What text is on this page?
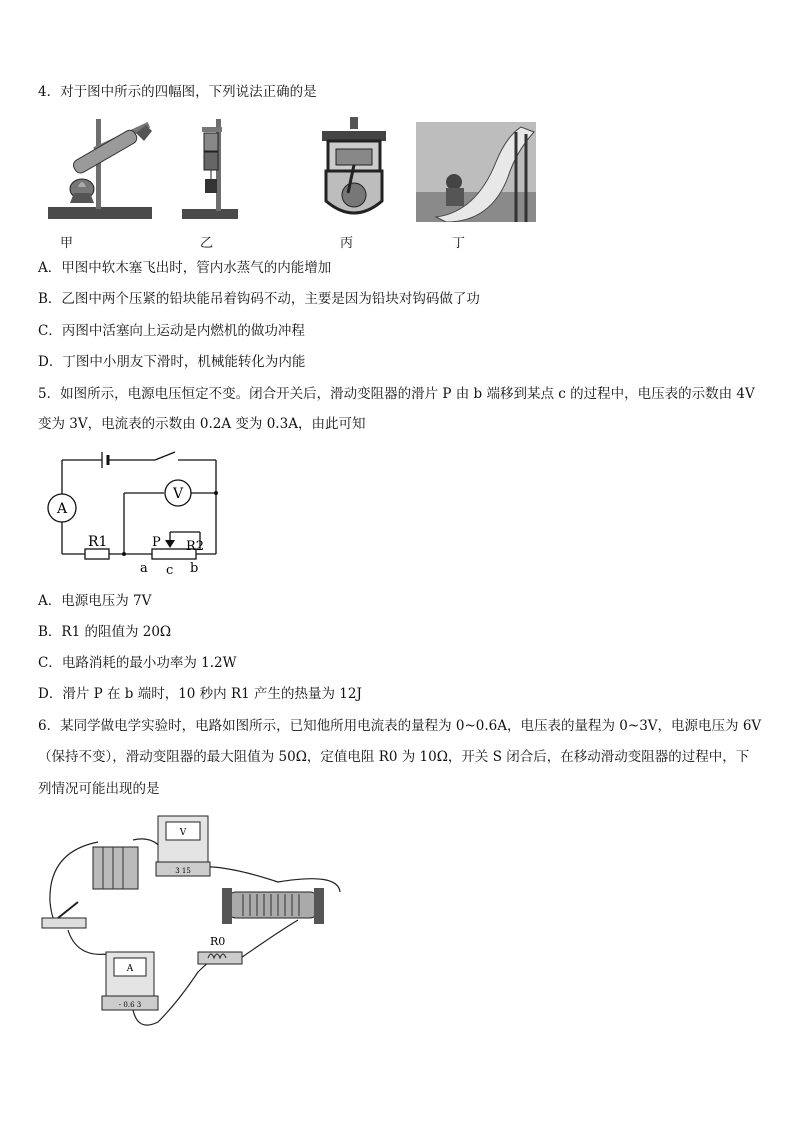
4．对于图中所示的四幅图，下列说法正确的是
甲	乙	丙	丁
A．甲图中软木塞飞出时，管内水蒸气的内能增加
B．乙图中两个压紧的铅块能吊着钩码不动，主要是因为铅块对钩码做了功
C．丙图中活塞向上运动是内燃机的做功冲程
D．丁图中小朋友下滑时，机械能转化为内能
5．如图所示，电源电压恒定不变。闭合开关后，滑动变阻器的滑片 P 由 b 端移到某点 c 的过程中，电压表的示数由 4V
变为 3V，电流表的示数由 0.2A 变为 0.3A，由此可知
A
V
R1	R2
P
a c b
A．电源电压为 7V
B．R1 的阻值为 20Ω
C．电路消耗的最小功率为 1.2W
D．滑片 P 在 b 端时，10 秒内 R1 产生的热量为 12J
6．某同学做电学实验时，电路如图所示，已知他所用电流表的量程为 0~0.6A，电压表的量程为 0~3V，电源电压为 6V
（保持不变），滑动变阻器的最大阻值为 50Ω，定值电阻 R0 为 10Ω，开关 S 闭合后，在移动滑动变阻器的过程中，下
列情况可能出现的是
V
3 15
R0
A
- 0.6 3
